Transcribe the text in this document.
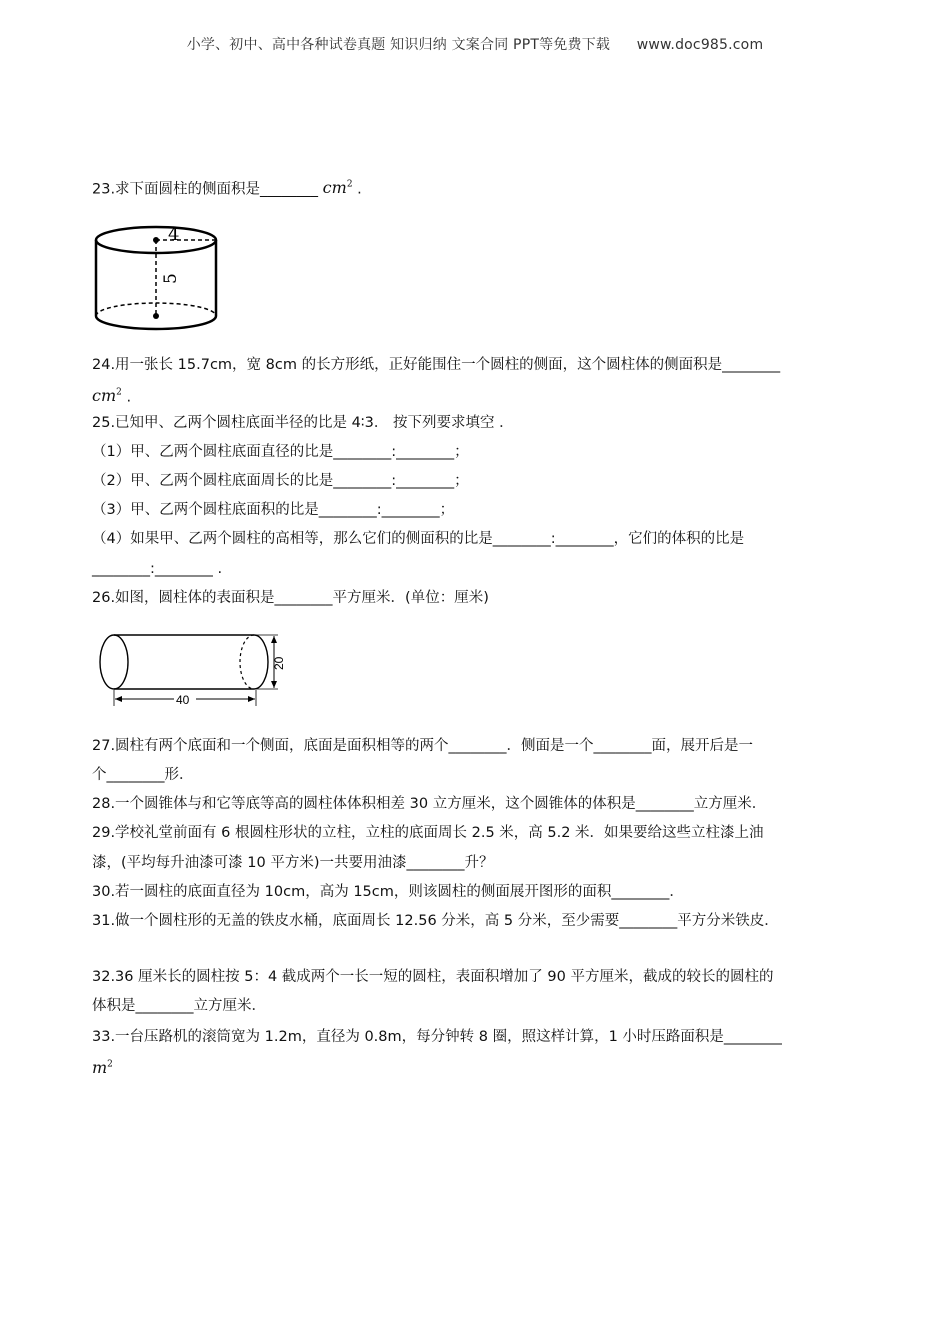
小学、初中、高中各种试卷真题 知识归纳 文案合同 PPT等免费下载 www.doc985.com
23.求下面圆柱的侧面积是________ $cm^2$ .
4
5
24.用一张长 15.7cm，宽 8cm 的长方形纸，正好能围住一个圆柱的侧面，这个圆柱体的侧面积是________
$cm^2$ .
25.已知甲、乙两个圆柱底面半径的比是 4∶3． 按下列要求填空 ．
（1）甲、乙两个圆柱底面直径的比是________:________；
（2）甲、乙两个圆柱底面周长的比是________:________；
（3）甲、乙两个圆柱底面积的比是________:________；
（4）如果甲、乙两个圆柱的高相等，那么它们的侧面积的比是________:________，它们的体积的比是
________:________ .
26.如图，圆柱体的表面积是________平方厘米．(单位：厘米)
20
40
27.圆柱有两个底面和一个侧面，底面是面积相等的两个________．侧面是一个________面，展开后是一
个________形．
28.一个圆锥体与和它等底等高的圆柱体体积相差 30 立方厘米，这个圆锥体的体积是________立方厘米．
29.学校礼堂前面有 6 根圆柱形状的立柱，立柱的底面周长 2.5 米，高 5.2 米．如果要给这些立柱漆上油
漆，(平均每升油漆可漆 10 平方米)一共要用油漆________升？
30.若一圆柱的底面直径为 10cm，高为 15cm，则该圆柱的侧面展开图形的面积________．
31.做一个圆柱形的无盖的铁皮水桶，底面周长 12.56 分米，高 5 分米，至少需要________平方分米铁皮．
32.36 厘米长的圆柱按 5：4 截成两个一长一短的圆柱，表面积增加了 90 平方厘米，截成的较长的圆柱的
体积是________立方厘米．
33.一台压路机的滚筒宽为 1.2m，直径为 0.8m，每分钟转 8 圈，照这样计算，1 小时压路面积是________
$m^2$
